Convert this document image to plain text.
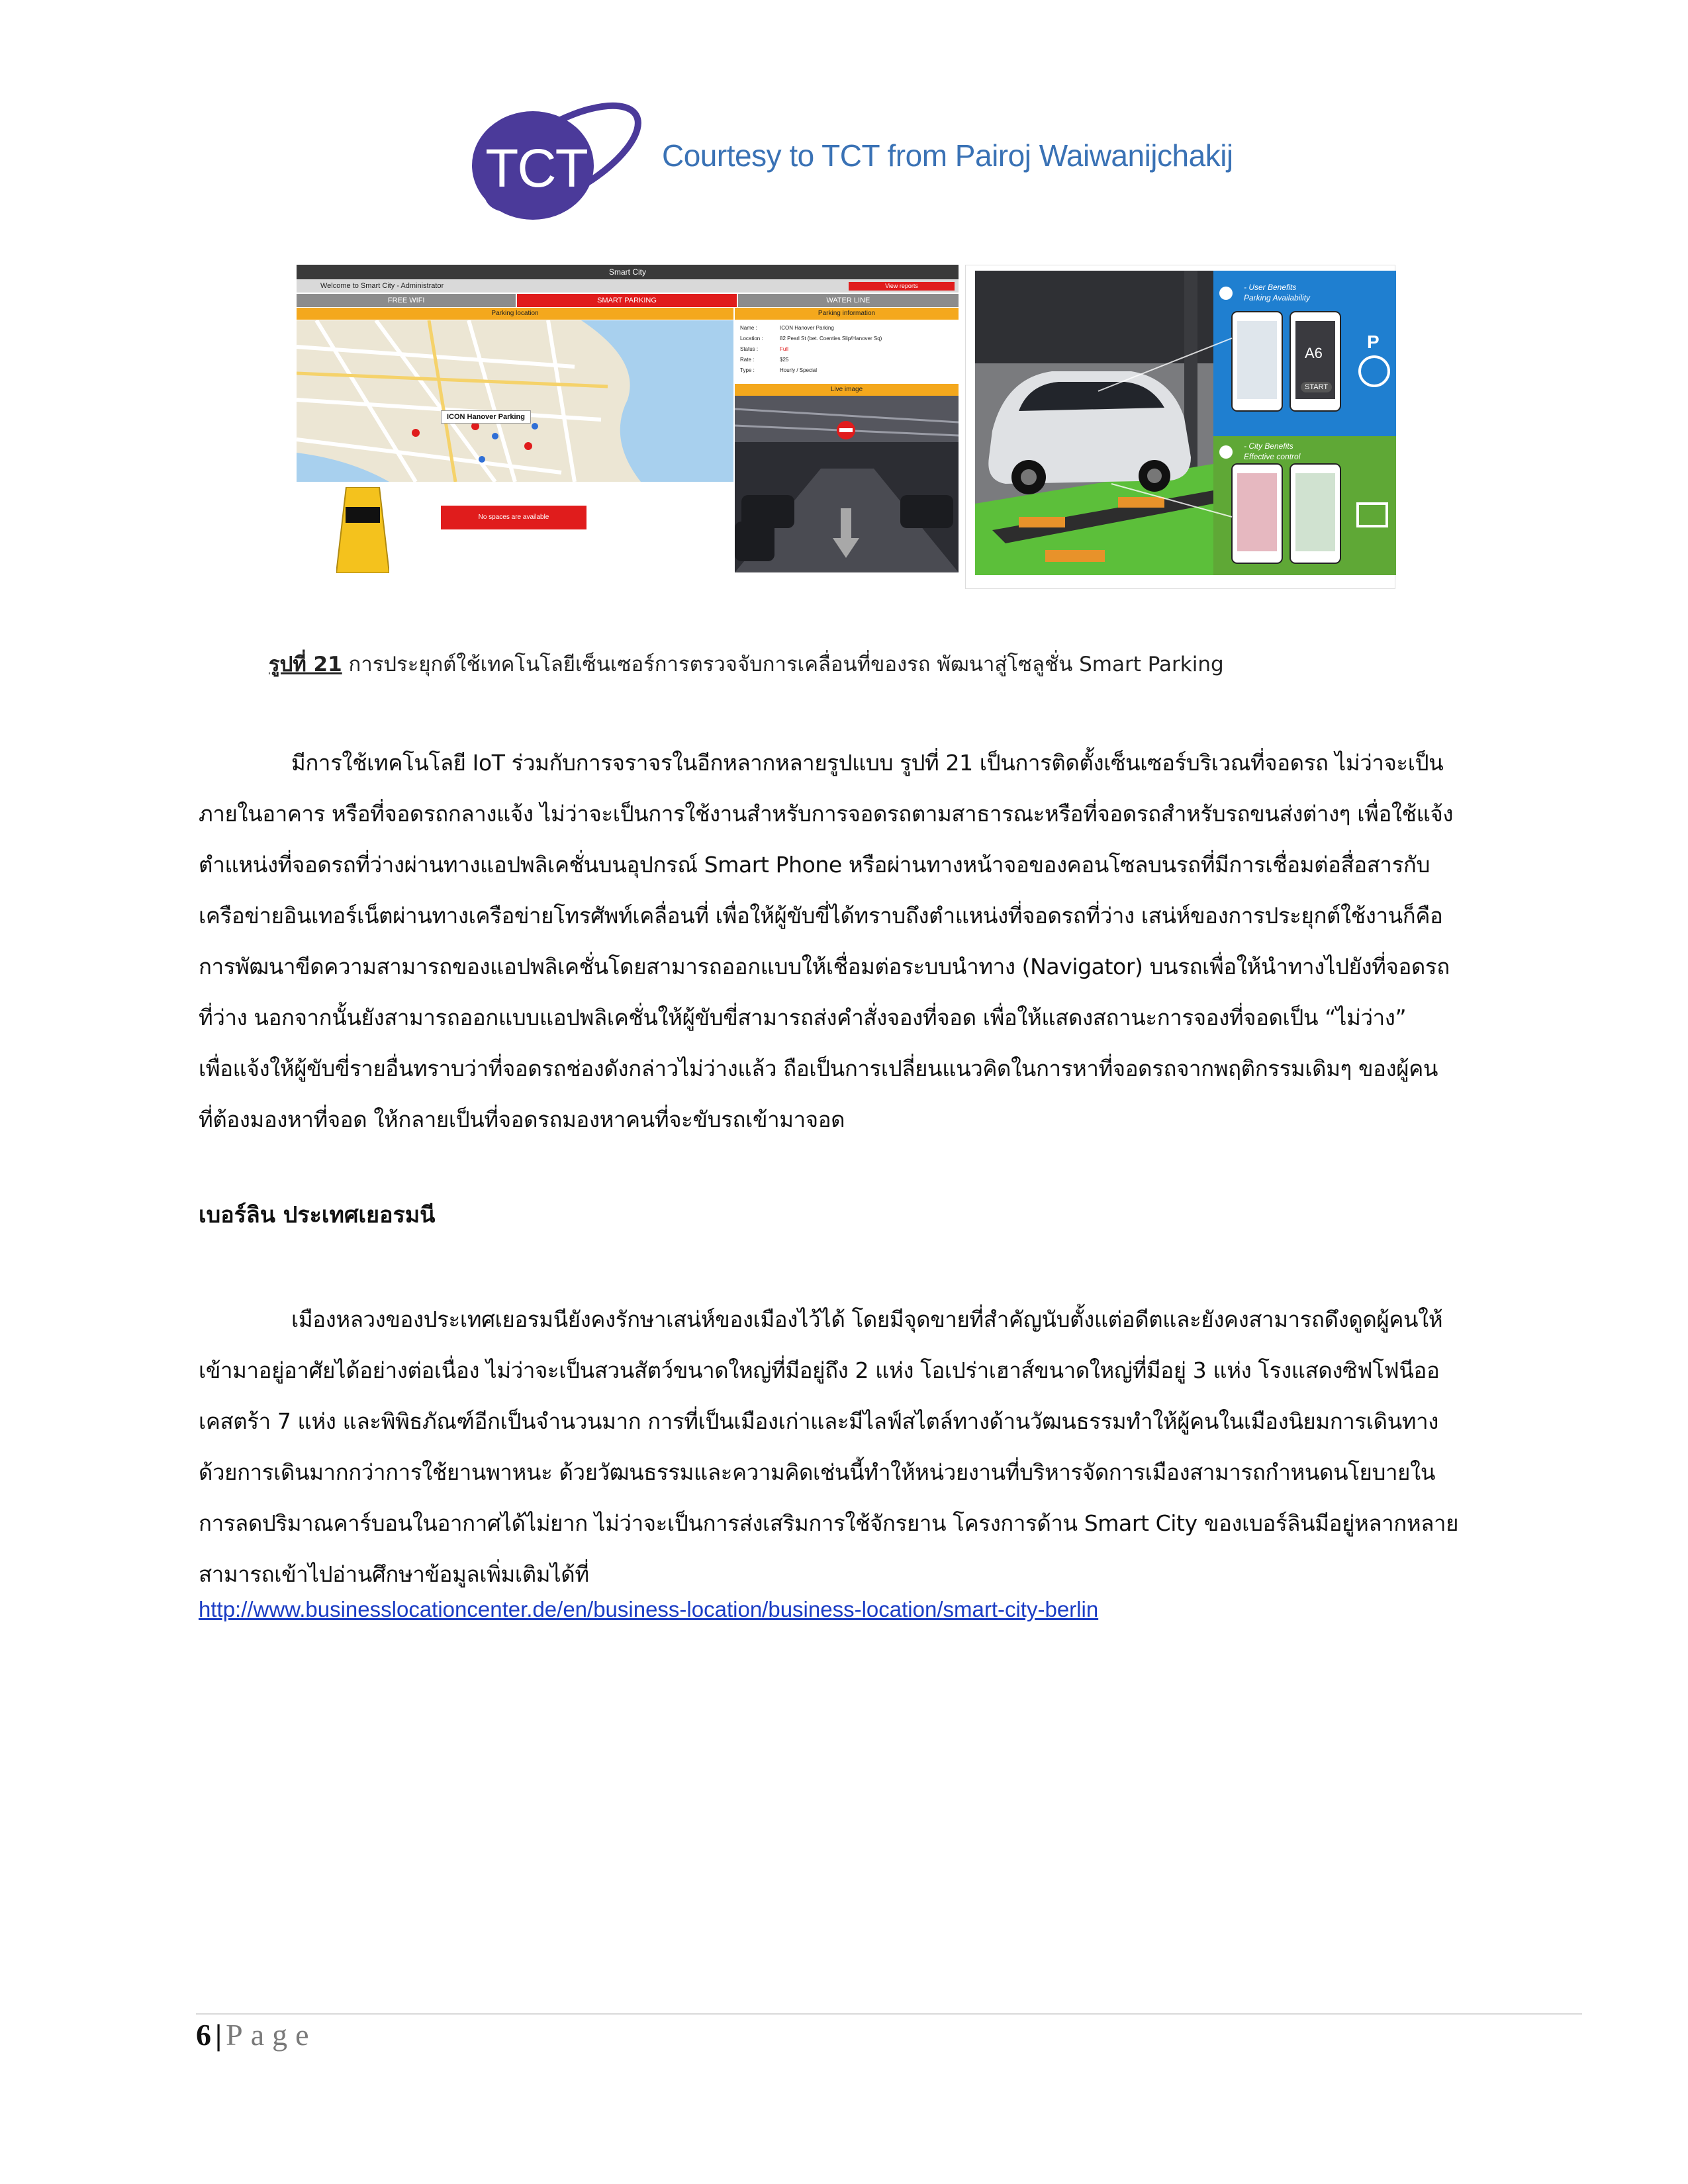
TCT Courtesy to TCT from Pairoj Waiwanijchakij
Smart City
Welcome to Smart City - Administrator	View reports
FREE WIFI	SMART PARKING	WATER LINE
Parking location	Parking information
ICON Hanover Parking
Name :	ICON Hanover Parking
Location :	82 Pearl St (bet. Coenties Slip/Hanover Sq)
Status :	Full
Rate :	$25
Type :	Hourly / Special
Live image
No spaces are available
- User Benefits
Parking Availability
- City Benefits
Effective control
A6
START
P
รูปที่ 21 การประยุกต์ใช้เทคโนโลยีเซ็นเซอร์การตรวจจับการเคลื่อนที่ของรถ พัฒนาสู่โซลูชั่น Smart Parking
มีการใช้เทคโนโลยี IoT ร่วมกับการจราจรในอีกหลากหลายรูปแบบ รูปที่ 21 เป็นการติดตั้งเซ็นเซอร์บริเวณที่จอดรถ ไม่ว่าจะเป็น
ภายในอาคาร หรือที่จอดรถกลางแจ้ง ไม่ว่าจะเป็นการใช้งานสำหรับการจอดรถตามสาธารณะหรือที่จอดรถสำหรับรถขนส่งต่างๆ เพื่อใช้แจ้ง
ตำแหน่งที่จอดรถที่ว่างผ่านทางแอปพลิเคชั่นบนอุปกรณ์ Smart Phone หรือผ่านทางหน้าจอของคอนโซลบนรถที่มีการเชื่อมต่อสื่อสารกับ
เครือข่ายอินเทอร์เน็ตผ่านทางเครือข่ายโทรศัพท์เคลื่อนที่ เพื่อให้ผู้ขับขี่ได้ทราบถึงตำแหน่งที่จอดรถที่ว่าง เสน่ห์ของการประยุกต์ใช้งานก็คือ
การพัฒนาขีดความสามารถของแอปพลิเคชั่นโดยสามารถออกแบบให้เชื่อมต่อระบบนำทาง (Navigator) บนรถเพื่อให้นำทางไปยังที่จอดรถ
ที่ว่าง นอกจากนั้นยังสามารถออกแบบแอปพลิเคชั่นให้ผู้ขับขี่สามารถส่งคำสั่งจองที่จอด เพื่อให้แสดงสถานะการจองที่จอดเป็น “ไม่ว่าง”
เพื่อแจ้งให้ผู้ขับขี่รายอื่นทราบว่าที่จอดรถช่องดังกล่าวไม่ว่างแล้ว ถือเป็นการเปลี่ยนแนวคิดในการหาที่จอดรถจากพฤติกรรมเดิมๆ ของผู้คน
ที่ต้องมองหาที่จอด ให้กลายเป็นที่จอดรถมองหาคนที่จะขับรถเข้ามาจอด
เบอร์ลิน ประเทศเยอรมนี
เมืองหลวงของประเทศเยอรมนียังคงรักษาเสน่ห์ของเมืองไว้ได้ โดยมีจุดขายที่สำคัญนับตั้งแต่อดีตและยังคงสามารถดึงดูดผู้คนให้
เข้ามาอยู่อาศัยได้อย่างต่อเนื่อง ไม่ว่าจะเป็นสวนสัตว์ขนาดใหญ่ที่มีอยู่ถึง 2 แห่ง โอเปร่าเฮาส์ขนาดใหญ่ที่มีอยู่ 3 แห่ง โรงแสดงซิฟโฟนีออ
เคสตร้า 7 แห่ง และพิพิธภัณฑ์อีกเป็นจำนวนมาก การที่เป็นเมืองเก่าและมีไลฟ์สไตล์ทางด้านวัฒนธรรมทำให้ผู้คนในเมืองนิยมการเดินทาง
ด้วยการเดินมากกว่าการใช้ยานพาหนะ ด้วยวัฒนธรรมและความคิดเช่นนี้ทำให้หน่วยงานที่บริหารจัดการเมืองสามารถกำหนดนโยบายใน
การลดปริมาณคาร์บอนในอากาศได้ไม่ยาก ไม่ว่าจะเป็นการส่งเสริมการใช้จักรยาน โครงการด้าน Smart City ของเบอร์ลินมีอยู่หลากหลาย
สามารถเข้าไปอ่านศึกษาข้อมูลเพิ่มเติมได้ที่
http://www.businesslocationcenter.de/en/business-location/business-location/smart-city-berlin
6 | Page
